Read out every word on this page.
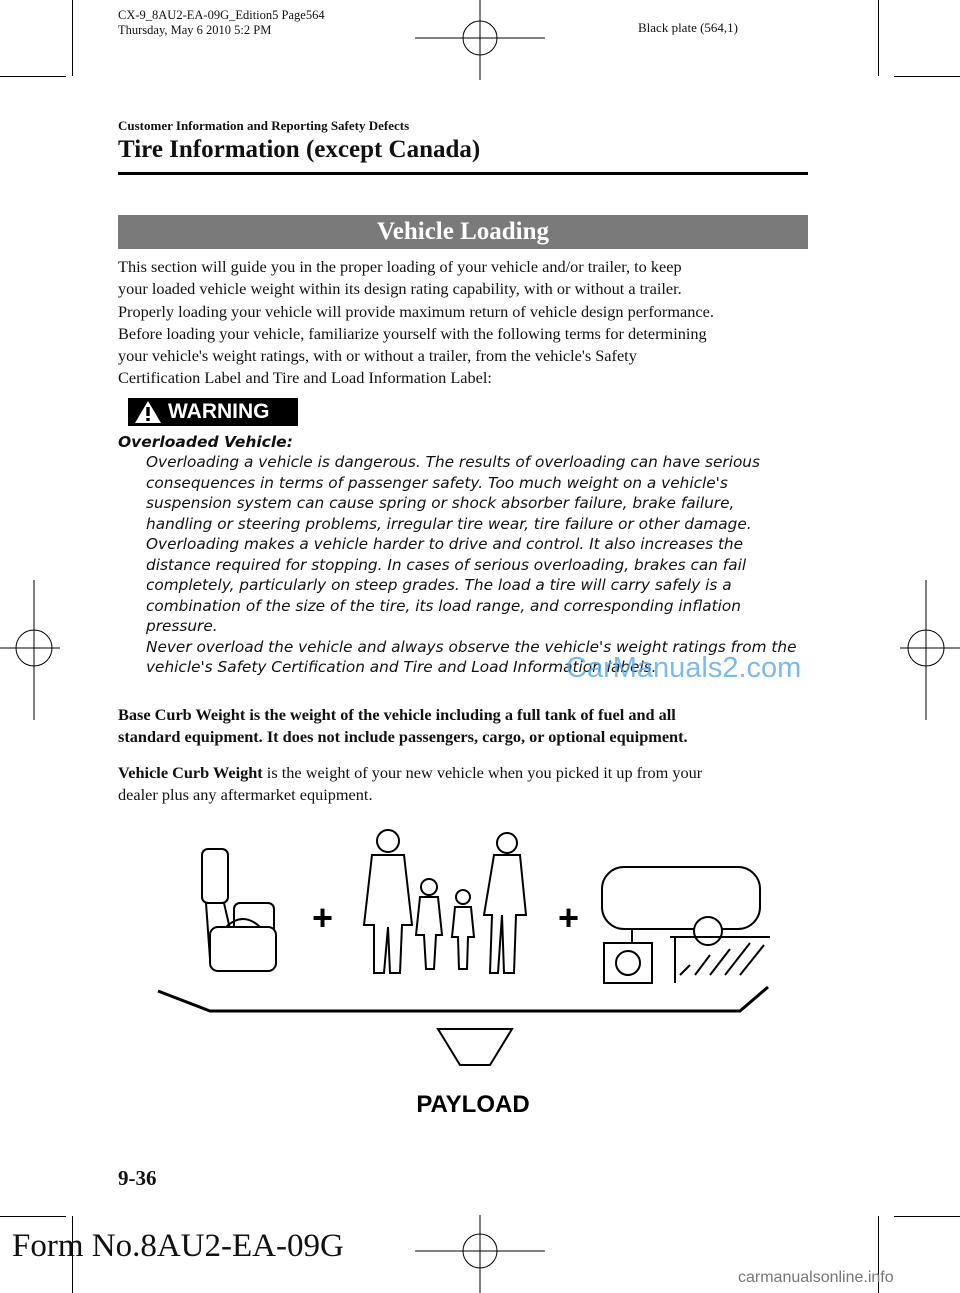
CX-9_8AU2-EA-09G_Edition5 Page564
Thursday, May 6 2010 5:2 PM	Black plate (564,1)
Customer Information and Reporting Safety Defects
Tire Information (except Canada)
Vehicle Loading
This section will guide you in the proper loading of your vehicle and/or trailer, to keep
your loaded vehicle weight within its design rating capability, with or without a trailer.
Properly loading your vehicle will provide maximum return of vehicle design performance.
Before loading your vehicle, familiarize yourself with the following terms for determining
your vehicle's weight ratings, with or without a trailer, from the vehicle's Safety
Certification Label and Tire and Load Information Label:
WARNING
Overloaded Vehicle:
Overloading a vehicle is dangerous. The results of overloading can have serious
consequences in terms of passenger safety. Too much weight on a vehicle's
suspension system can cause spring or shock absorber failure, brake failure,
handling or steering problems, irregular tire wear, tire failure or other damage.
Overloading makes a vehicle harder to drive and control. It also increases the
distance required for stopping. In cases of serious overloading, brakes can fail
completely, particularly on steep grades. The load a tire will carry safely is a
combination of the size of the tire, its load range, and corresponding inflation
pressure.
Never overload the vehicle and always observe the vehicle's weight ratings from the
vehicle's Safety Certification and Tire and Load Information labels.
CarManuals2.com
Base Curb Weight is the weight of the vehicle including a full tank of fuel and all
standard equipment. It does not include passengers, cargo, or optional equipment.
Vehicle Curb Weight is the weight of your new vehicle when you picked it up from your
dealer plus any aftermarket equipment.
+	+
PAYLOAD
9-36
Form No.8AU2-EA-09G
carmanualsonline.info
